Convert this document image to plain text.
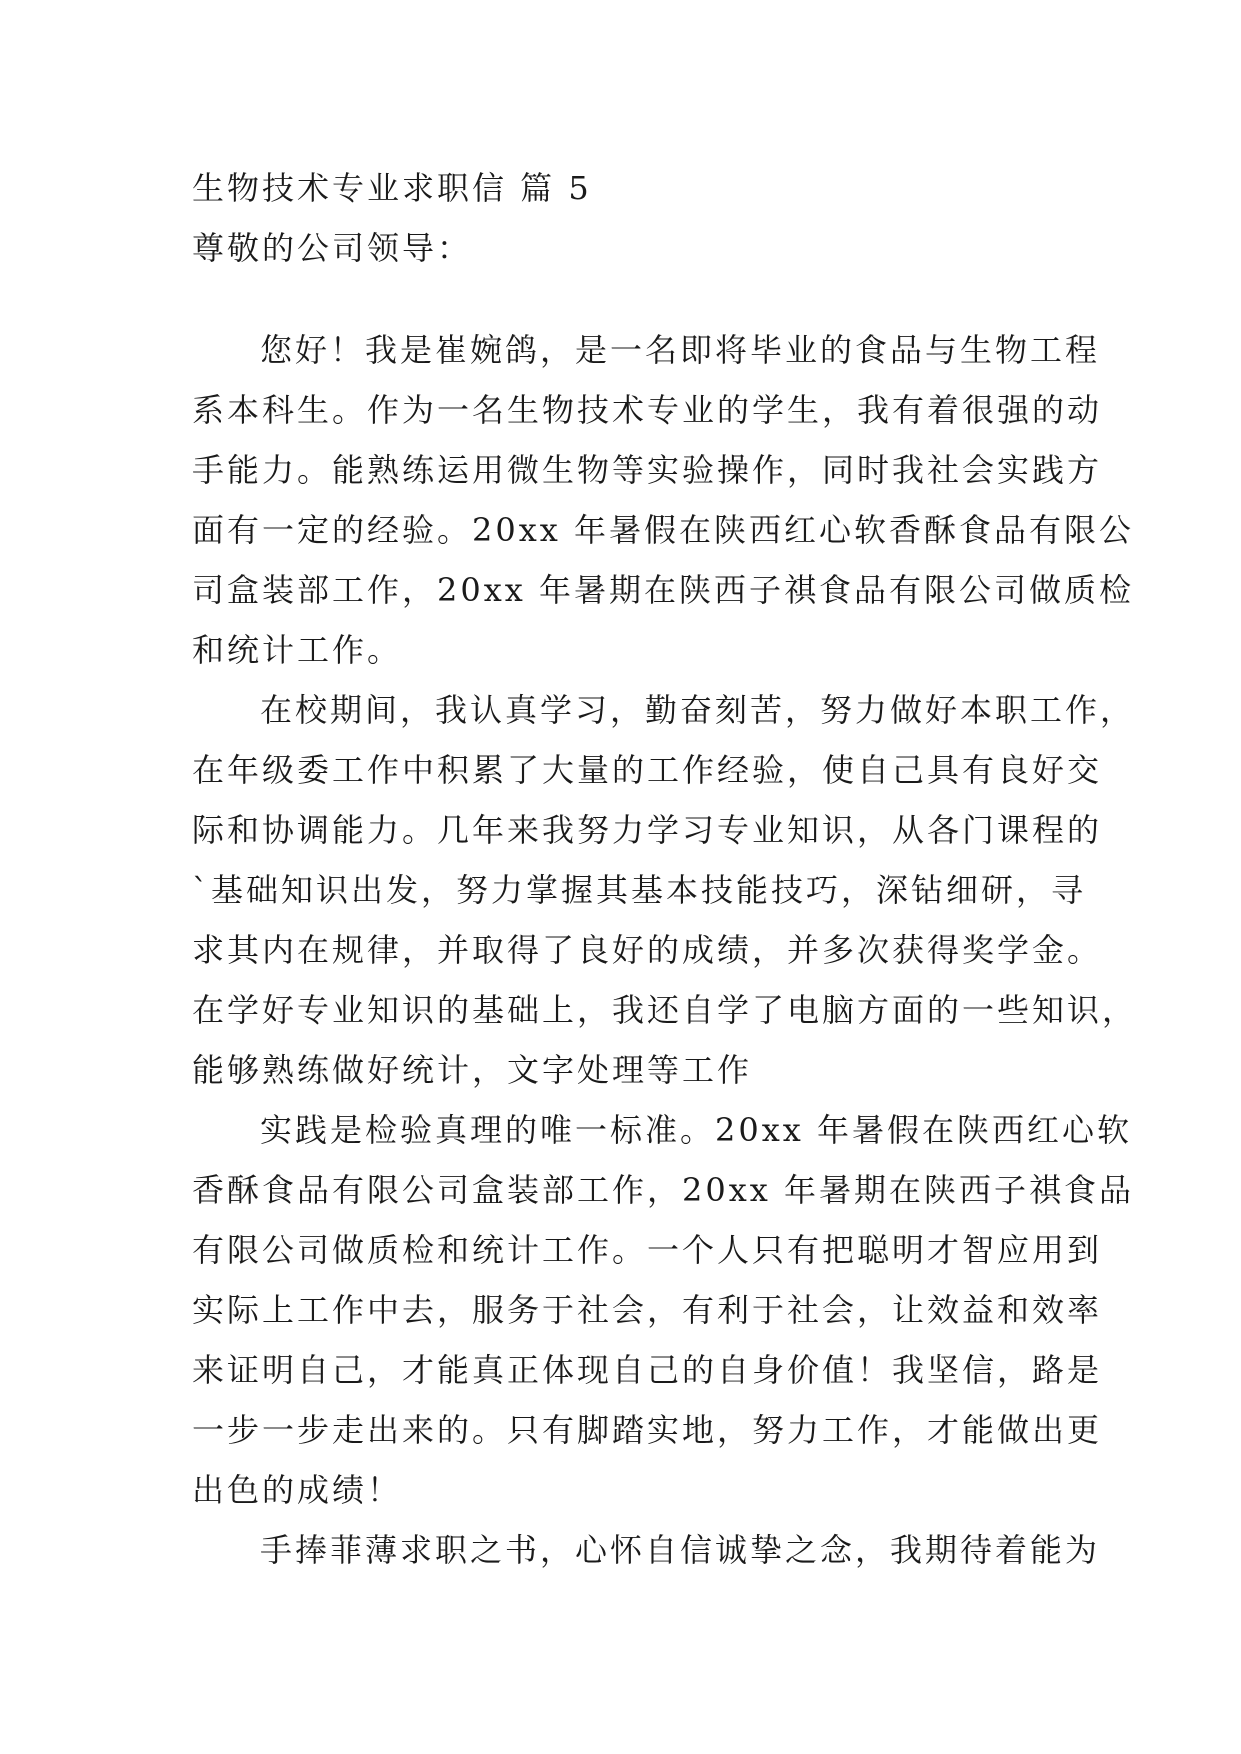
生物技术专业求职信 篇 5
尊敬的公司领导：
您好！我是崔婉鸽，是一名即将毕业的食品与生物工程
系本科生。作为一名生物技术专业的学生，我有着很强的动
手能力。能熟练运用微生物等实验操作，同时我社会实践方
面有一定的经验。20xx 年暑假在陕西红心软香酥食品有限公
司盒装部工作，20xx 年暑期在陕西子祺食品有限公司做质检
和统计工作。
在校期间，我认真学习，勤奋刻苦，努力做好本职工作，
在年级委工作中积累了大量的工作经验，使自己具有良好交
际和协调能力。几年来我努力学习专业知识，从各门课程的
`基础知识出发，努力掌握其基本技能技巧，深钻细研，寻
求其内在规律，并取得了良好的成绩，并多次获得奖学金。
在学好专业知识的基础上，我还自学了电脑方面的一些知识，
能够熟练做好统计，文字处理等工作
实践是检验真理的唯一标准。20xx 年暑假在陕西红心软
香酥食品有限公司盒装部工作，20xx 年暑期在陕西子祺食品
有限公司做质检和统计工作。一个人只有把聪明才智应用到
实际上工作中去，服务于社会，有利于社会，让效益和效率
来证明自己，才能真正体现自己的自身价值！我坚信，路是
一步一步走出来的。只有脚踏实地，努力工作，才能做出更
出色的成绩！
手捧菲薄求职之书，心怀自信诚挚之念，我期待着能为
